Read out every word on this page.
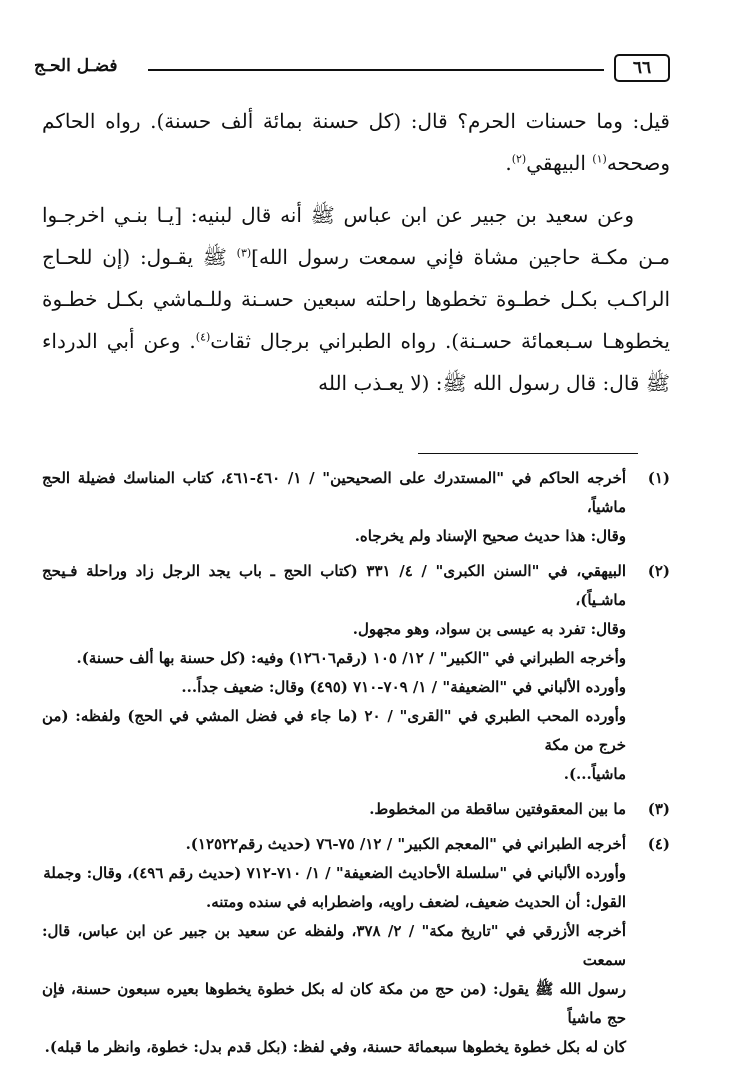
فضـل الحـج	٦٦

قيل: وما حسنات الحرم؟ قال: (كل حسنة بمائة ألف حسنة). رواه الحاكم وصححه$^{(١)}$ البيهقي$^{(٢)}$.

وعن سعيد بن جبير عن ابن عباس ﷺ أنه قال لبنيه: [يـا بنـي اخرجـوا مـن مكـة حاجين مشاة فإني سمعت رسول الله]$^{(٣)}$ ﷺ يقـول: (إن للحـاج الراكـب بكـل خطـوة تخطوها راحلته سبعين حسـنة وللـماشي بكـل خطـوة يخطوهـا سـبعمائة حسـنة). رواه الطبراني برجال ثقات$^{(٤)}$. وعن أبي الدرداء ﷺ قال: قال رسول الله ﷺ: (لا يعـذب الله

(١)

أخرجه الحاكم في "المستدرك على الصحيحين" / ١/ ٤٦٠-٤٦١، كتاب المناسك فضيلة الحج ماشياً،

وقال: هذا حديث صحيح الإسناد ولم يخرجاه.

(٢)

البيهقي، في "السنن الكبرى" / ٤/ ٣٣١ (كتاب الحج ـ باب يجد الرجل زاد وراحلة فـيحج ماشـياً)،

وقال: تفرد به عيسى بن سواد، وهو مجهول.

وأخرجه الطبراني في "الكبير" / ١٢/ ١٠٥ (رقم١٢٦٠٦) وفيه: (كل حسنة بها ألف حسنة).

وأورده الألباني في "الضعيفة" / ١/ ٧٠٩-٧١٠ (٤٩٥) وقال: ضعيف جداً...

وأورده المحب الطبري في "القرى" / ٢٠ (ما جاء في فضل المشي في الحج) ولفظه: (من خرج من مكة

ماشياً...).

(٣)

ما بين المعقوفتين ساقطة من المخطوط.

(٤)

أخرجه الطبراني في "المعجم الكبير" / ١٢/ ٧٥-٧٦ (حديث رقم١٢٥٢٢).

وأورده الألباني في "سلسلة الأحاديث الضعيفة" / ١/ ٧١٠-٧١٢ (حديث رقم ٤٩٦)، وقال: وجملة

القول: أن الحديث ضعيف، لضعف راويه، واضطرابه في سنده ومتنه.

أخرجه الأزرقي في "تاريخ مكة" / ٢/ ٣٧٨، ولفظه عن سعيد بن جبير عن ابن عباس، قال: سمعت

رسول الله ﷺ يقول: (من حج من مكة كان له بكل خطوة يخطوها بعيره سبعون حسنة، فإن حج ماشياً

كان له بكل خطوة يخطوها سبعمائة حسنة، وفي لفظ: (بكل قدم بدل: خطوة، وانظر ما قبله).
